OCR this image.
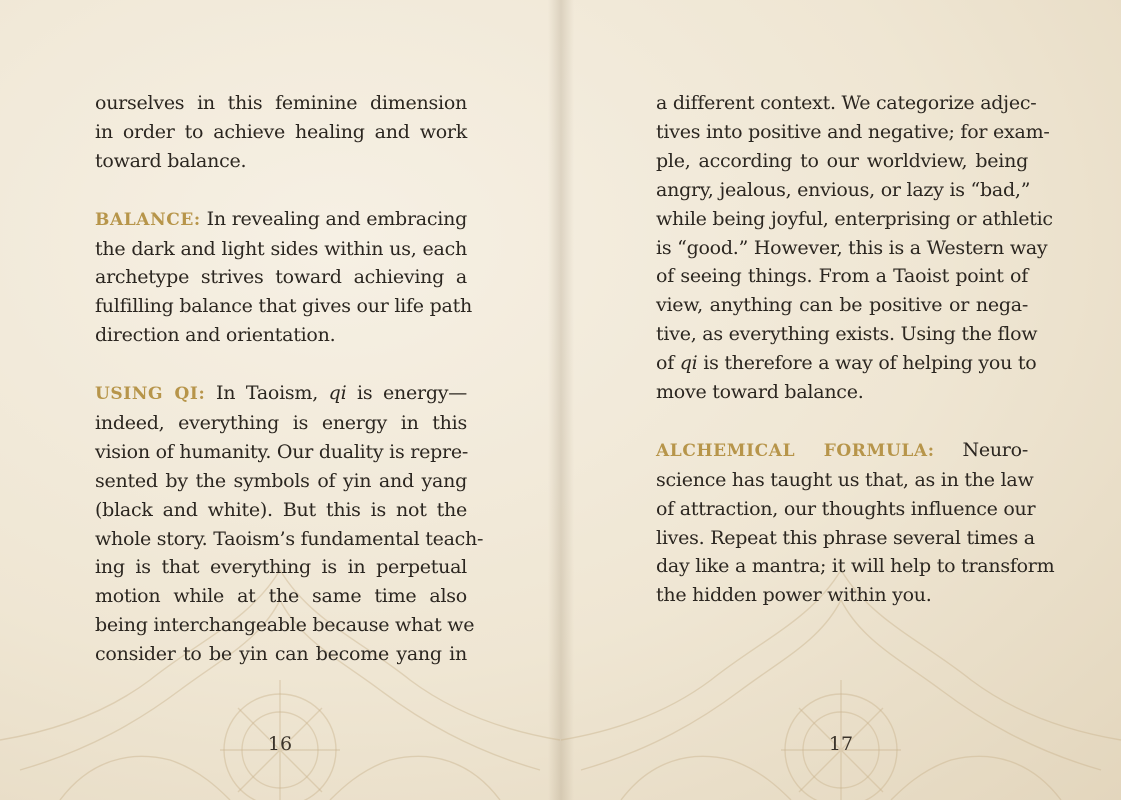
ourselves in this feminine dimension
in order to achieve healing and work
toward balance.
BALANCE: In revealing and embracing
the dark and light sides within us, each
archetype strives toward achieving a
fulfilling balance that gives our life path
direction and orientation.
USING QI: In Taoism, qi is energy—
indeed, everything is energy in this
vision of humanity. Our duality is repre-
sented by the symbols of yin and yang
(black and white). But this is not the
whole story. Taoism’s fundamental teach-
ing is that everything is in perpetual
motion while at the same time also
being interchangeable because what we
consider to be yin can become yang in
16
a different context. We categorize adjec-
tives into positive and negative; for exam-
ple, according to our worldview, being
angry, jealous, envious, or lazy is “bad,”
while being joyful, enterprising or athletic
is “good.” However, this is a Western way
of seeing things. From a Taoist point of
view, anything can be positive or nega-
tive, as everything exists. Using the flow
of qi is therefore a way of helping you to
move toward balance.
ALCHEMICAL FORMULA: Neuro-
science has taught us that, as in the law
of attraction, our thoughts influence our
lives. Repeat this phrase several times a
day like a mantra; it will help to transform
the hidden power within you.
17
